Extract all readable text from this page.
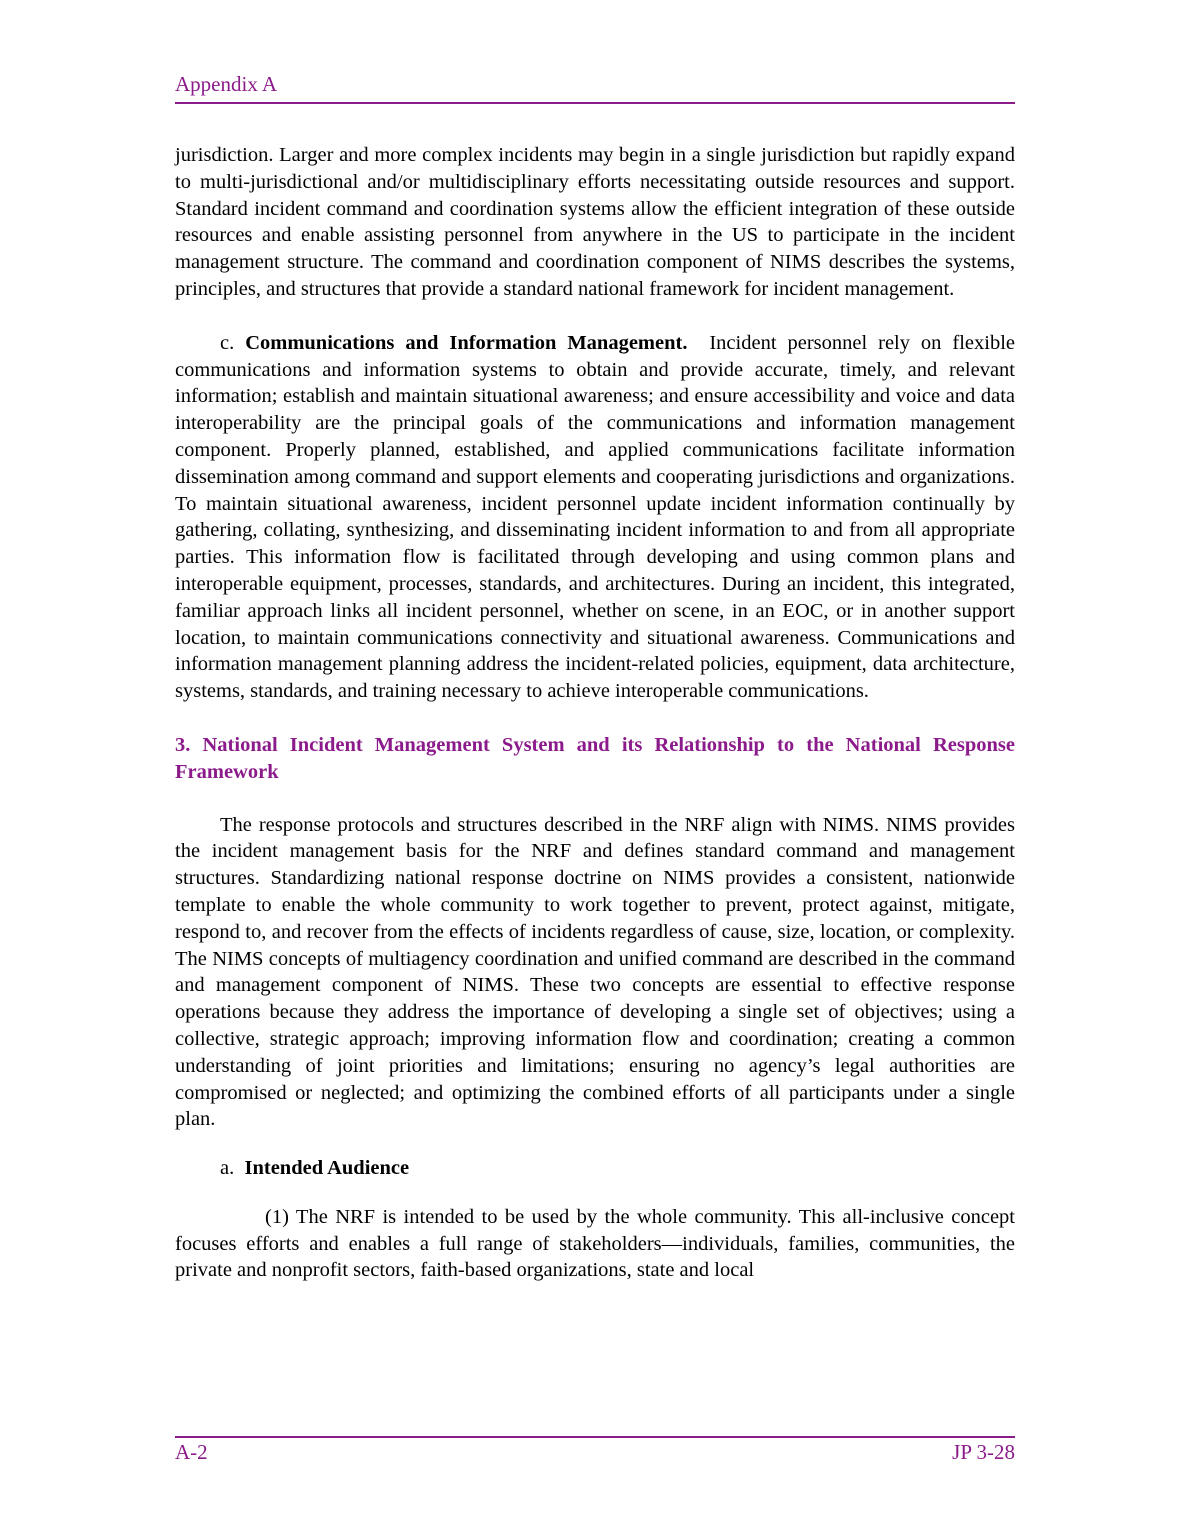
Appendix A

jurisdiction. Larger and more complex incidents may begin in a single jurisdiction but rapidly expand to multi-jurisdictional and/or multidisciplinary efforts necessitating outside resources and support. Standard incident command and coordination systems allow the efficient integration of these outside resources and enable assisting personnel from anywhere in the US to participate in the incident management structure. The command and coordination component of NIMS describes the systems, principles, and structures that provide a standard national framework for incident management.

c. Communications and Information Management. Incident personnel rely on flexible communications and information systems to obtain and provide accurate, timely, and relevant information; establish and maintain situational awareness; and ensure accessibility and voice and data interoperability are the principal goals of the communications and information management component. Properly planned, established, and applied communications facilitate information dissemination among command and support elements and cooperating jurisdictions and organizations. To maintain situational awareness, incident personnel update incident information continually by gathering, collating, synthesizing, and disseminating incident information to and from all appropriate parties. This information flow is facilitated through developing and using common plans and interoperable equipment, processes, standards, and architectures. During an incident, this integrated, familiar approach links all incident personnel, whether on scene, in an EOC, or in another support location, to maintain communications connectivity and situational awareness. Communications and information management planning address the incident-related policies, equipment, data architecture, systems, standards, and training necessary to achieve interoperable communications.

3. National Incident Management System and its Relationship to the National Response Framework

The response protocols and structures described in the NRF align with NIMS. NIMS provides the incident management basis for the NRF and defines standard command and management structures. Standardizing national response doctrine on NIMS provides a consistent, nationwide template to enable the whole community to work together to prevent, protect against, mitigate, respond to, and recover from the effects of incidents regardless of cause, size, location, or complexity. The NIMS concepts of multiagency coordination and unified command are described in the command and management component of NIMS. These two concepts are essential to effective response operations because they address the importance of developing a single set of objectives; using a collective, strategic approach; improving information flow and coordination; creating a common understanding of joint priorities and limitations; ensuring no agency’s legal authorities are compromised or neglected; and optimizing the combined efforts of all participants under a single plan.

a. Intended Audience

(1) The NRF is intended to be used by the whole community. This all-inclusive concept focuses efforts and enables a full range of stakeholders—individuals, families, communities, the private and nonprofit sectors, faith-based organizations, state and local

A-2	JP 3-28
